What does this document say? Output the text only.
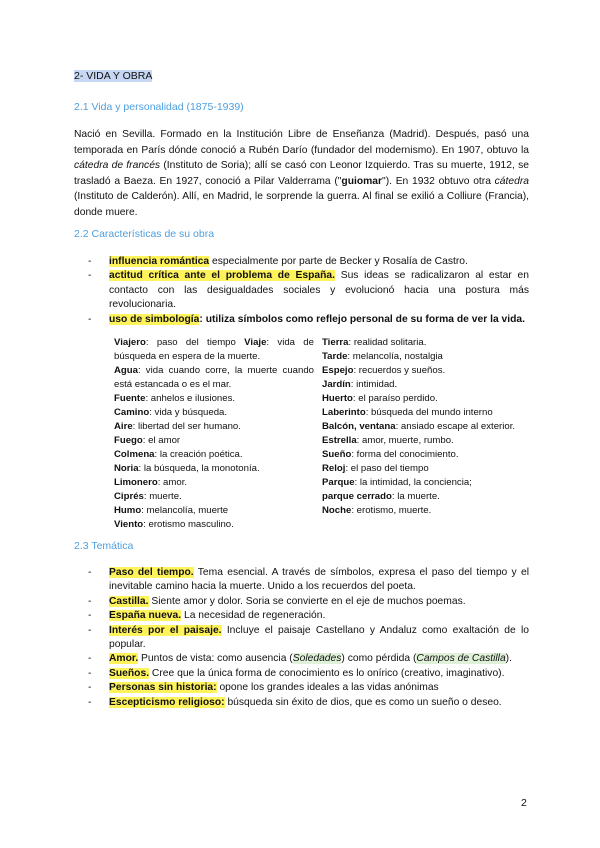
2- VIDA Y OBRA
2.1 Vida y personalidad (1875-1939)
Nació en Sevilla. Formado en la Institución Libre de Enseñanza (Madrid). Después, pasó una temporada en París dónde conoció a Rubén Darío (fundador del modernismo). En 1907, obtuvo la cátedra de francés (Instituto de Soria); allí se casó con Leonor Izquierdo. Tras su muerte, 1912, se trasladó a Baeza. En 1927, conoció a Pilar Valderrama ("guiomar"). En 1932 obtuvo otra cátedra (Instituto de Calderón). Allí, en Madrid, le sorprende la guerra. Al final se exilió a Colliure (Francia), donde muere.
2.2 Características de su obra
- influencia romántica especialmente por parte de Becker y Rosalía de Castro.
- actitud crítica ante el problema de España. Sus ideas se radicalizaron al estar en contacto con las desigualdades sociales y evolucionó hacia una postura más revolucionaria.
- uso de simbología: utiliza símbolos como reflejo personal de su forma de ver la vida.
Viajero: paso del tiempo Viaje: vida de búsqueda en espera de la muerte.
Agua: vida cuando corre, la muerte cuando está estancada o es el mar.
Fuente: anhelos e ilusiones.
Camino: vida y búsqueda.
Aire: libertad del ser humano.
Fuego: el amor
Colmena: la creación poética.
Noria: la búsqueda, la monotonía.
Limonero: amor.
Ciprés: muerte.
Humo: melancolía, muerte
Viento: erotismo masculino.
Tierra: realidad solitaria.
Tarde: melancolía, nostalgia
Espejo: recuerdos y sueños.
Jardín: intimidad.
Huerto: el paraíso perdido.
Laberinto: búsqueda del mundo interno
Balcón, ventana: ansiado escape al exterior.
Estrella: amor, muerte, rumbo.
Sueño: forma del conocimiento.
Reloj: el paso del tiempo
Parque: la intimidad, la conciencia;
parque cerrado: la muerte.
Noche: erotismo, muerte.
2.3 Temática
- Paso del tiempo. Tema esencial. A través de símbolos, expresa el paso del tiempo y el inevitable camino hacia la muerte. Unido a los recuerdos del poeta.
- Castilla. Siente amor y dolor. Soria se convierte en el eje de muchos poemas.
- España nueva. La necesidad de regeneración.
- Interés por el paisaje. Incluye el paisaje Castellano y Andaluz como exaltación de lo popular.
- Amor. Puntos de vista: como ausencia (Soledades) como pérdida (Campos de Castilla).
- Sueños. Cree que la única forma de conocimiento es lo onírico (creativo, imaginativo).
- Personas sin historia: opone los grandes ideales a las vidas anónimas
- Escepticismo religioso: búsqueda sin éxito de dios, que es como un sueño o deseo.
2
